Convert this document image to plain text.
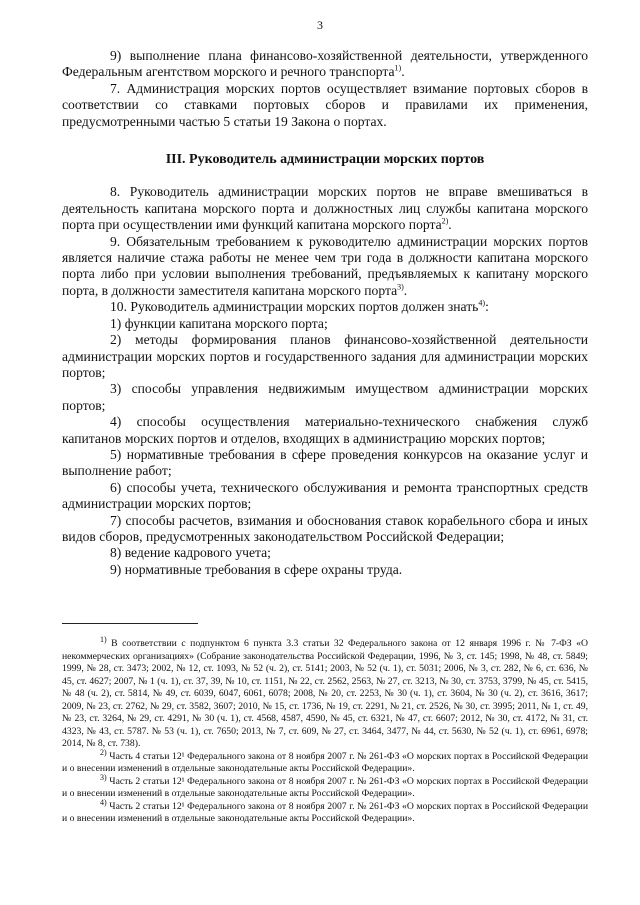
3

9) выполнение плана финансово-хозяйственной деятельности, утвержденного Федеральным агентством морского и речного транспорта$^{1)}$.

7. Администрация морских портов осуществляет взимание портовых сборов в соответствии со ставками портовых сборов и правилами их применения, предусмотренными частью 5 статьи 19 Закона о портах.

III. Руководитель администрации морских портов

8. Руководитель администрации морских портов не вправе вмешиваться в деятельность капитана морского порта и должностных лиц службы капитана морского порта при осуществлении ими функций капитана морского порта$^{2)}$.

9. Обязательным требованием к руководителю администрации морских портов является наличие стажа работы не менее чем три года в должности капитана морского порта либо при условии выполнения требований, предъявляемых к капитану морского порта, в должности заместителя капитана морского порта$^{3)}$.

10. Руководитель администрации морских портов должен знать$^{4)}$:

1) функции капитана морского порта;

2) методы формирования планов финансово-хозяйственной деятельности администрации морских портов и государственного задания для администрации морских портов;

3) способы управления недвижимым имуществом администрации морских портов;

4) способы осуществления материально-технического снабжения служб капитанов морских портов и отделов, входящих в администрацию морских портов;

5) нормативные требования в сфере проведения конкурсов на оказание услуг и выполнение работ;

6) способы учета, технического обслуживания и ремонта транспортных средств администрации морских портов;

7) способы расчетов, взимания и обоснования ставок корабельного сбора и иных видов сборов, предусмотренных законодательством Российской Федерации;

8) ведение кадрового учета;

9) нормативные требования в сфере охраны труда.

$^{1)}$ В соответствии с подпунктом 6 пункта 3.3 статьи 32 Федерального закона от 12 января 1996 г. № 7-ФЗ «О некоммерческих организациях» (Собрание законодательства Российской Федерации, 1996, № 3, ст. 145; 1998, № 48, ст. 5849; 1999, № 28, ст. 3473; 2002, № 12, ст. 1093, № 52 (ч. 2), ст. 5141; 2003, № 52 (ч. 1), ст. 5031; 2006, № 3, ст. 282, № 6, ст. 636, № 45, ст. 4627; 2007, № 1 (ч. 1), ст. 37, 39, № 10, ст. 1151, № 22, ст. 2562, 2563, № 27, ст. 3213, № 30, ст. 3753, 3799, № 45, ст. 5415, № 48 (ч. 2), ст. 5814, № 49, ст. 6039, 6047, 6061, 6078; 2008, № 20, ст. 2253, № 30 (ч. 1), ст. 3604, № 30 (ч. 2), ст. 3616, 3617; 2009, № 23, ст. 2762, № 29, ст. 3582, 3607; 2010, № 15, ст. 1736, № 19, ст. 2291, № 21, ст. 2526, № 30, ст. 3995; 2011, № 1, ст. 49, № 23, ст. 3264, № 29, ст. 4291, № 30 (ч. 1), ст. 4568, 4587, 4590, № 45, ст. 6321, № 47, ст. 6607; 2012, № 30, ст. 4172, № 31, ст. 4323, № 43, ст. 5787. № 53 (ч. 1), ст. 7650; 2013, № 7, ст. 609, № 27, ст. 3464, 3477, № 44, ст. 5630, № 52 (ч. 1), ст. 6961, 6978; 2014, № 8, ст. 738).

$^{2)}$ Часть 4 статьи 12¹ Федерального закона от 8 ноября 2007 г. № 261-ФЗ «О морских портах в Российской Федерации и о внесении изменений в отдельные законодательные акты Российской Федерации».

$^{3)}$ Часть 2 статьи 12¹ Федерального закона от 8 ноября 2007 г. № 261-ФЗ «О морских портах в Российской Федерации и о внесении изменений в отдельные законодательные акты Российской Федерации».

$^{4)}$ Часть 2 статьи 12¹ Федерального закона от 8 ноября 2007 г. № 261-ФЗ «О морских портах в Российской Федерации и о внесении изменений в отдельные законодательные акты Российской Федерации».
